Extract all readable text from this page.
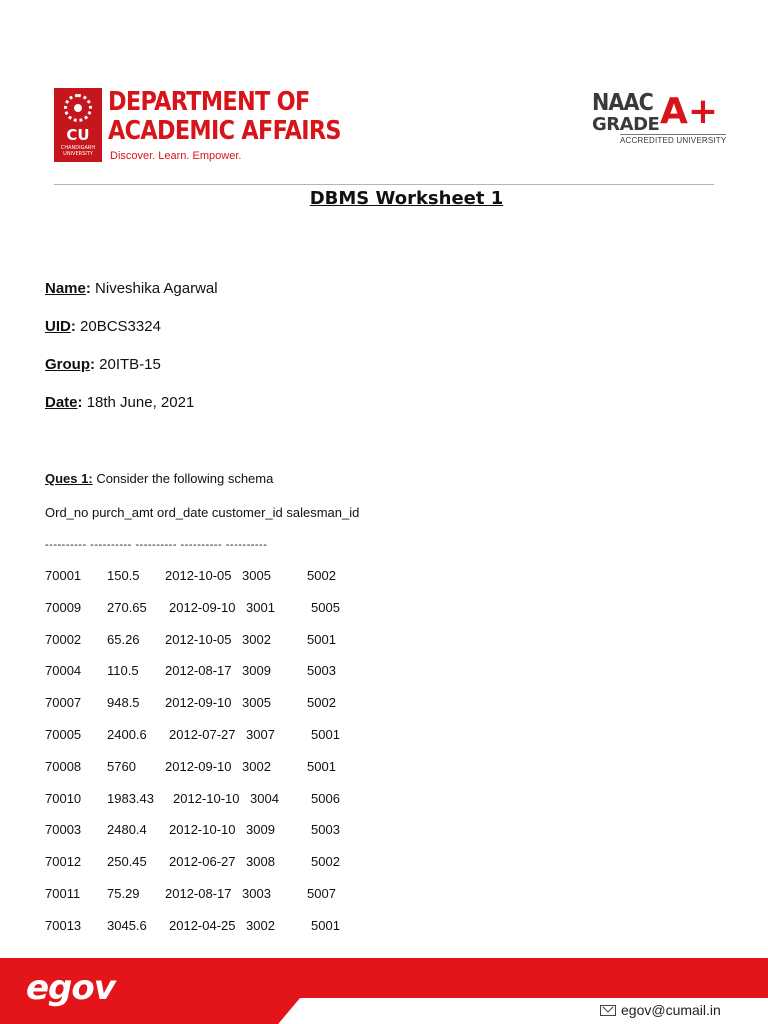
CU
CHANDIGARH UNIVERSITY
DEPARTMENT OF
ACADEMIC AFFAIRS
Discover. Learn. Empower.
NAAC
GRADE A+
ACCREDITED UNIVERSITY
DBMS Worksheet 1
Name: Niveshika Agarwal
UID: 20BCS3324
Group: 20ITB-15
Date: 18th June, 2021
Ques 1: Consider the following schema
Ord_no purch_amt ord_date customer_id salesman_id
---------- ---------- ---------- ---------- ----------
70001 150.5 2012-10-05 3005	5002
70009 270.65 2012-09-10 3001	5005
70002 65.26 2012-10-05 3002	5001
70004 110.5 2012-08-17 3009	5003
70007 948.5 2012-09-10 3005	5002
70005 2400.6 2012-07-27 3007	5001
70008 5760 2012-09-10 3002	5001
70010 1983.43 2012-10-10 3004 5006
70003 2480.4 2012-10-10 3009	5003
70012 250.45 2012-06-27 3008	5002
70011 75.29 2012-08-17 3003	5007
70013 3045.6 2012-04-25 3002	5001
egov
egov@cumail.in
